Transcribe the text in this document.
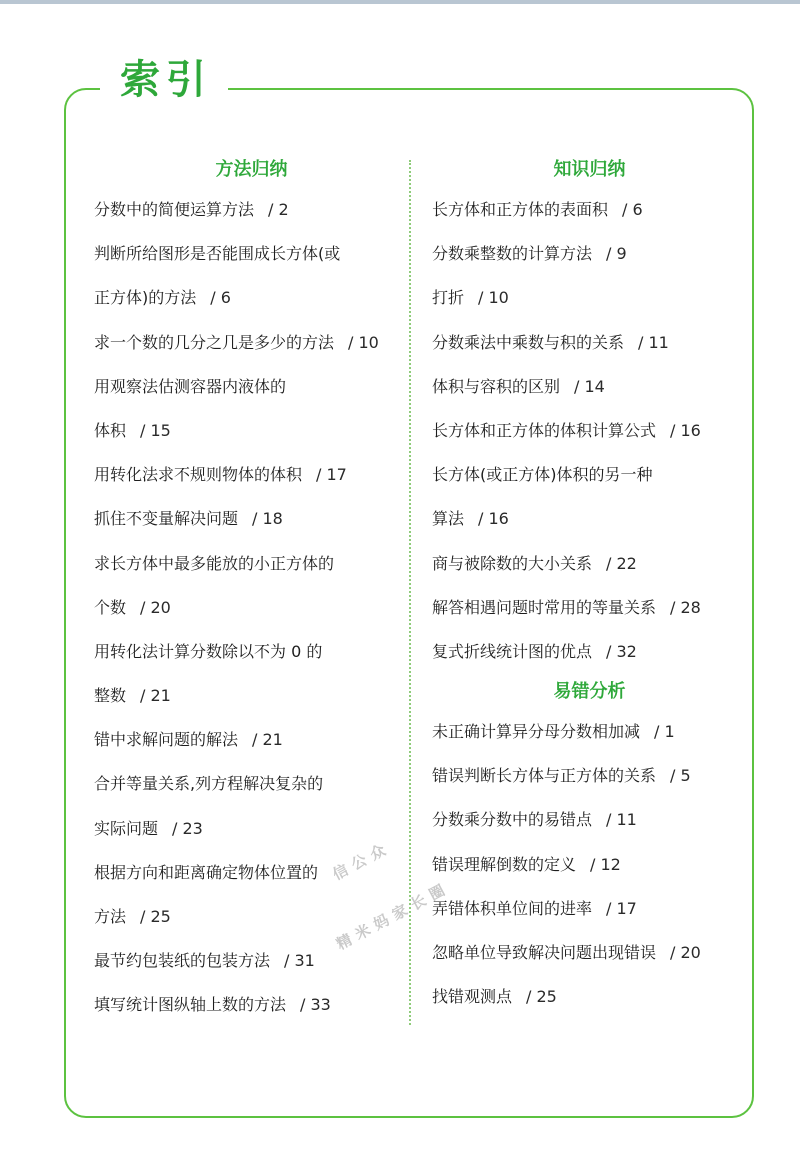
索引
方法归纳
分数中的简便运算方法 / 2
判断所给图形是否能围成长方体(或
正方体)的方法 / 6
求一个数的几分之几是多少的方法 / 10
用观察法估测容器内液体的
体积 / 15
用转化法求不规则物体的体积 / 17
抓住不变量解决问题 / 18
求长方体中最多能放的小正方体的
个数 / 20
用转化法计算分数除以不为 0 的
整数 / 21
错中求解问题的解法 / 21
合并等量关系,列方程解决复杂的
实际问题 / 23
根据方向和距离确定物体位置的
方法 / 25
最节约包装纸的包装方法 / 31
填写统计图纵轴上数的方法 / 33
知识归纳
长方体和正方体的表面积 / 6
分数乘整数的计算方法 / 9
打折 / 10
分数乘法中乘数与积的关系 / 11
体积与容积的区别 / 14
长方体和正方体的体积计算公式 / 16
长方体(或正方体)体积的另一种
算法 / 16
商与被除数的大小关系 / 22
解答相遇问题时常用的等量关系 / 28
复式折线统计图的优点 / 32
易错分析
未正确计算异分母分数相加减 / 1
错误判断长方体与正方体的关系 / 5
分数乘分数中的易错点 / 11
错误理解倒数的定义 / 12
弄错体积单位间的进率 / 17
忽略单位导致解决问题出现错误 / 20
找错观测点 / 25
信公众
精米妈家长圈
